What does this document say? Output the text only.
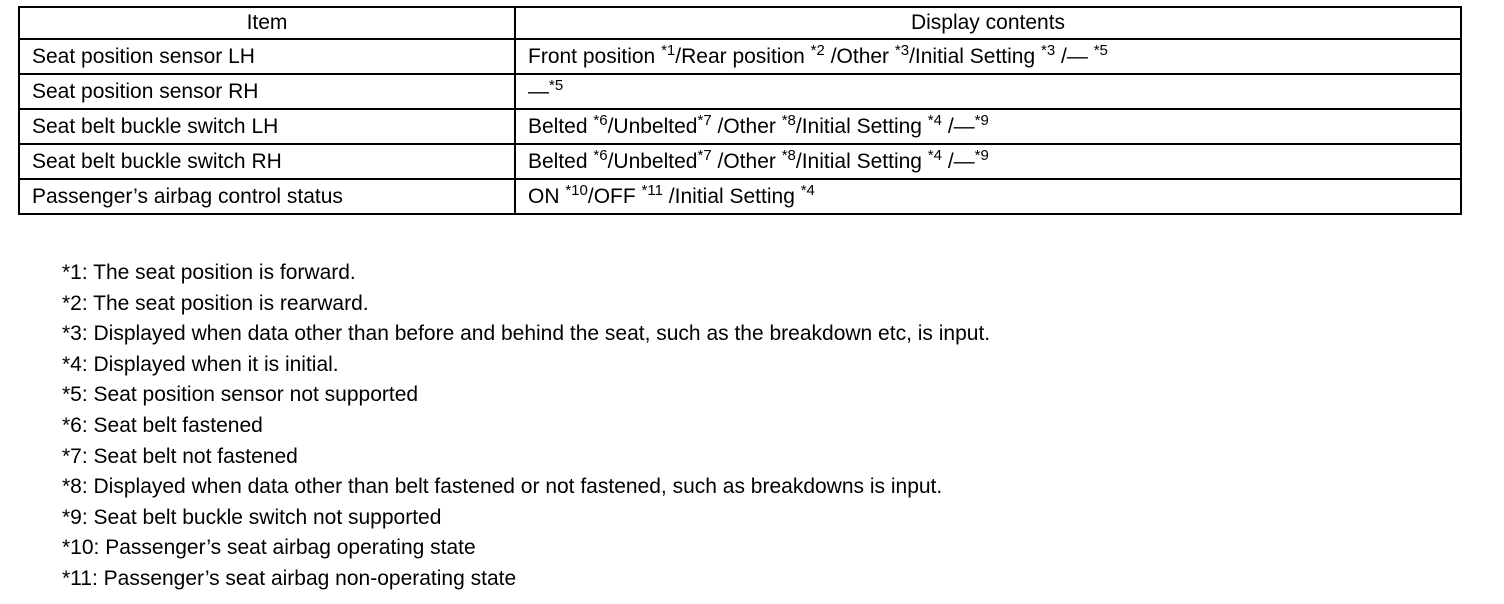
Item	Display contents
Seat position sensor LH	Front position $^{*1}$/Rear position $^{*2}$ /Other $^{*3}$/Initial Setting $^{*3}$ /— $^{*5}$
Seat position sensor RH	—$^{*5}$
Seat belt buckle switch LH	Belted $^{*6}$/Unbelted$^{*7}$ /Other $^{*8}$/Initial Setting $^{*4}$ /—$^{*9}$
Seat belt buckle switch RH	Belted $^{*6}$/Unbelted$^{*7}$ /Other $^{*8}$/Initial Setting $^{*4}$ /—$^{*9}$
Passenger’s airbag control status	ON $^{*10}$/OFF $^{*11}$ /Initial Setting $^{*4}$
*1: The seat position is forward.
*2: The seat position is rearward.
*3: Displayed when data other than before and behind the seat, such as the breakdown etc, is input.
*4: Displayed when it is initial.
*5: Seat position sensor not supported
*6: Seat belt fastened
*7: Seat belt not fastened
*8: Displayed when data other than belt fastened or not fastened, such as breakdowns is input.
*9: Seat belt buckle switch not supported
*10: Passenger’s seat airbag operating state
*11: Passenger’s seat airbag non-operating state
